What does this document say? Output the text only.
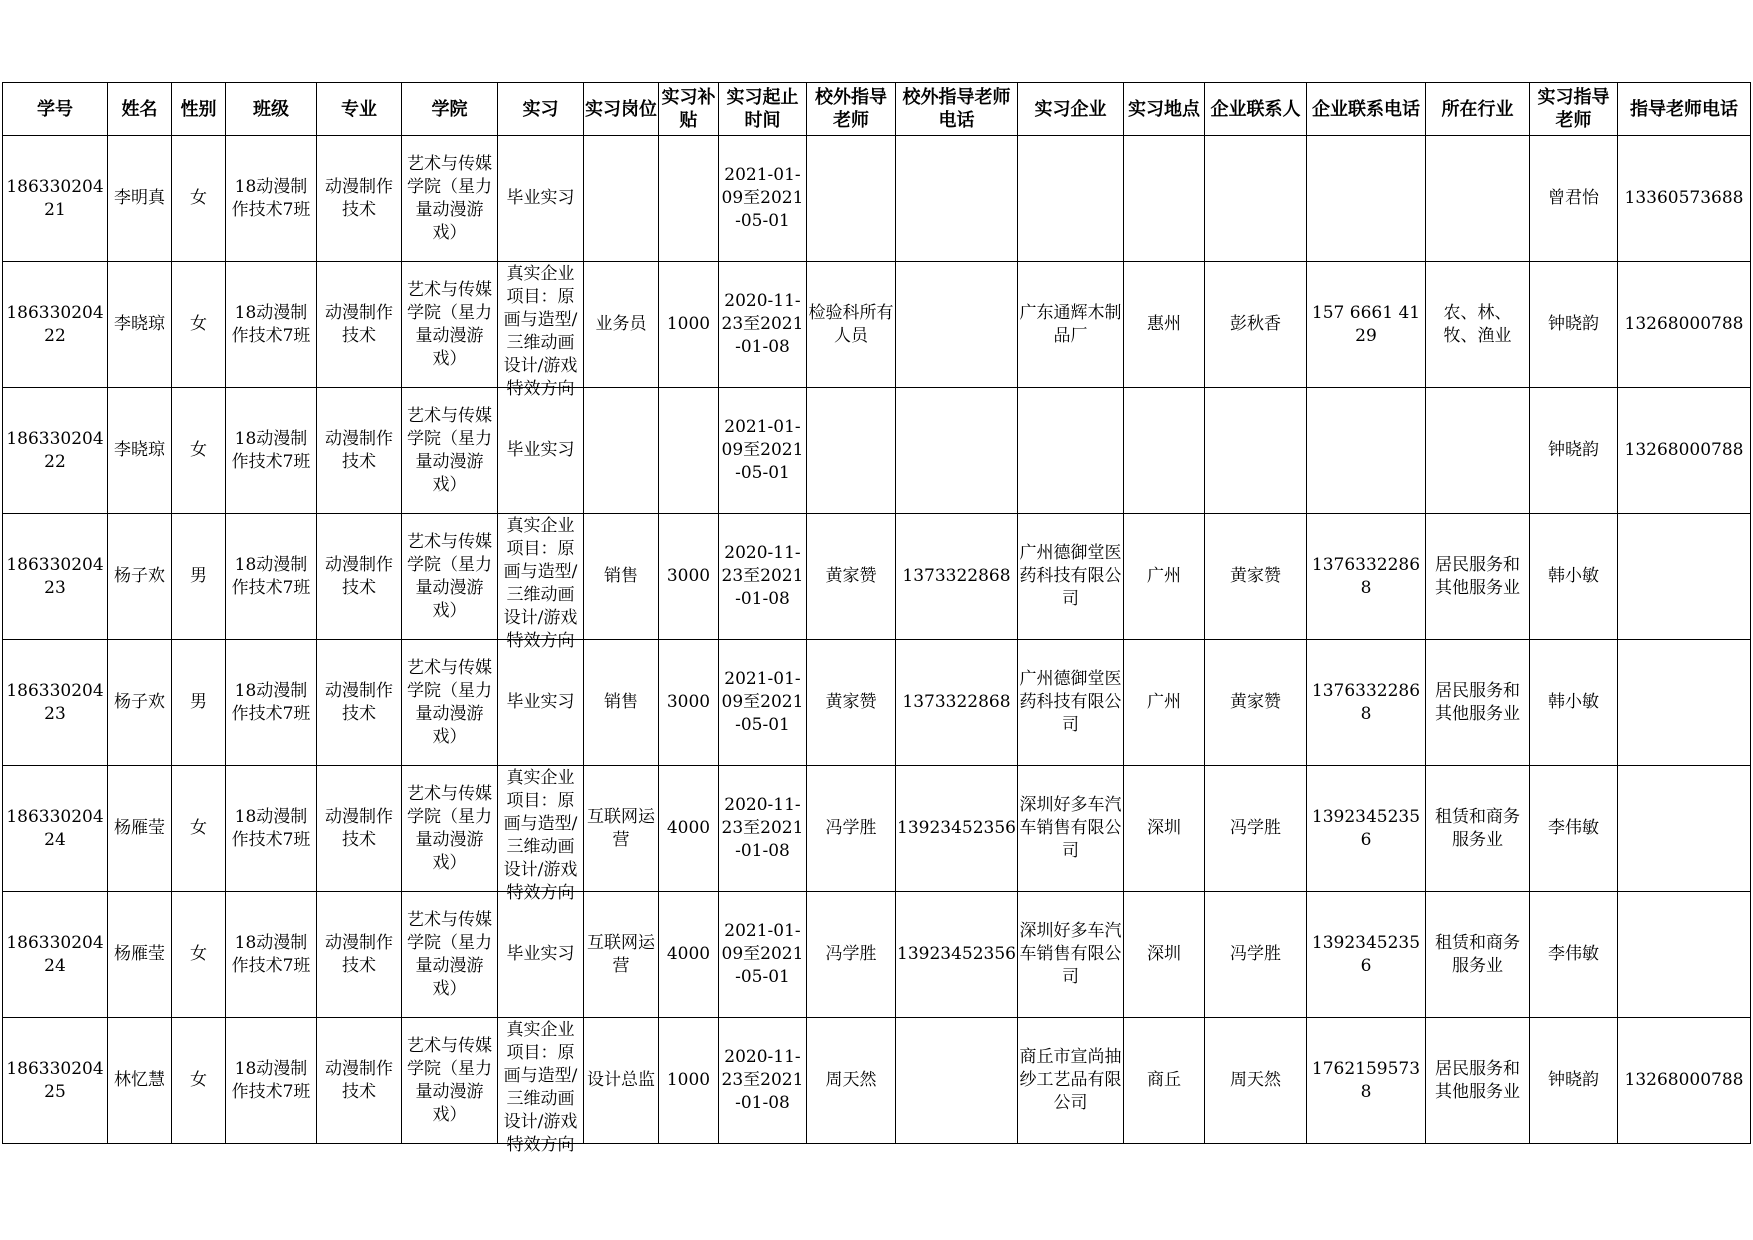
学号	姓名	性别	班级	专业	学院	实习	实习岗位	实习补贴	实习起止时间	校外指导老师	校外指导老师电话	实习企业	实习地点	企业联系人	企业联系电话	所在行业	实习指导老师	指导老师电话

18633020421	李明真	女	18动漫制作技术7班	动漫制作技术	艺术与传媒学院（星力量动漫游戏）	毕业实习			2021-01-09至2021-05-01								曾君怡	13360573688

18633020422	李晓琼	女	18动漫制作技术7班	动漫制作技术	艺术与传媒学院（星力量动漫游戏）	真实企业项目：原画与造型/三维动画设计/游戏特效方向	业务员	1000	2020-11-23至2021-01-08	检验科所有人员		广东通辉木制品厂	惠州	彭秋香	157 6661 4129	农、林、牧、渔业	钟晓韵	13268000788

18633020422	李晓琼	女	18动漫制作技术7班	动漫制作技术	艺术与传媒学院（星力量动漫游戏）	毕业实习			2021-01-09至2021-05-01								钟晓韵	13268000788

18633020423	杨子欢	男	18动漫制作技术7班	动漫制作技术	艺术与传媒学院（星力量动漫游戏）	真实企业项目：原画与造型/三维动画设计/游戏特效方向	销售	3000	2020-11-23至2021-01-08	黄家赞	1373322868	广州德御堂医药科技有限公司	广州	黄家赞	13763322868	居民服务和其他服务业	韩小敏	

18633020423	杨子欢	男	18动漫制作技术7班	动漫制作技术	艺术与传媒学院（星力量动漫游戏）	毕业实习	销售	3000	2021-01-09至2021-05-01	黄家赞	1373322868	广州德御堂医药科技有限公司	广州	黄家赞	13763322868	居民服务和其他服务业	韩小敏	

18633020424	杨雁莹	女	18动漫制作技术7班	动漫制作技术	艺术与传媒学院（星力量动漫游戏）	真实企业项目：原画与造型/三维动画设计/游戏特效方向	互联网运营	4000	2020-11-23至2021-01-08	冯学胜	13923452356	深圳好多车汽车销售有限公司	深圳	冯学胜	13923452356	租赁和商务服务业	李伟敏	

18633020424	杨雁莹	女	18动漫制作技术7班	动漫制作技术	艺术与传媒学院（星力量动漫游戏）	毕业实习	互联网运营	4000	2021-01-09至2021-05-01	冯学胜	13923452356	深圳好多车汽车销售有限公司	深圳	冯学胜	13923452356	租赁和商务服务业	李伟敏	

18633020425	林忆慧	女	18动漫制作技术7班	动漫制作技术	艺术与传媒学院（星力量动漫游戏）	真实企业项目：原画与造型/三维动画设计/游戏特效方向	设计总监	1000	2020-11-23至2021-01-08	周天然		商丘市宣尚抽纱工艺品有限公司	商丘	周天然	17621595738	居民服务和其他服务业	钟晓韵	13268000788
